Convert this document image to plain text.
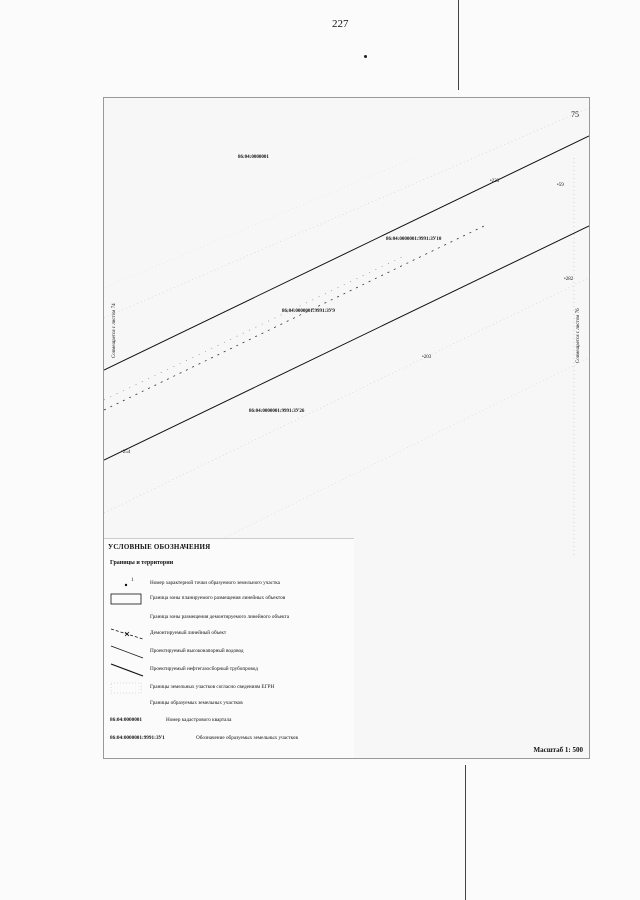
227
75
86:04:0000001
86:04:0000001:9991:ЗУ10
86:04:0000001:9991:ЗУ9
86:04:0000001:9991:ЗУ26
•233
•59
•282
•203
•254
Совмещается с листом 74	Совмещается с листом 76
УСЛОВНЫЕ ОБОЗНАЧЕНИЯ
Границы и территории
1	Номер характерной точки образуемого земельного участка
Граница зоны планируемого размещения линейных объектов
Граница зоны размещения демонтируемого линейного объекта
Демонтируемый линейный объект
Проектируемый высоконапорный водовод
Проектируемый нефтегазосборный трубопровод
Границы земельных участков согласно сведениям ЕГРН
Границы образуемых земельных участков
86:04:0000001	Номер кадастрового квартала
86:04:0000001:9991:ЗУ1	Обозначение образуемых земельных участков
Масштаб 1: 500
